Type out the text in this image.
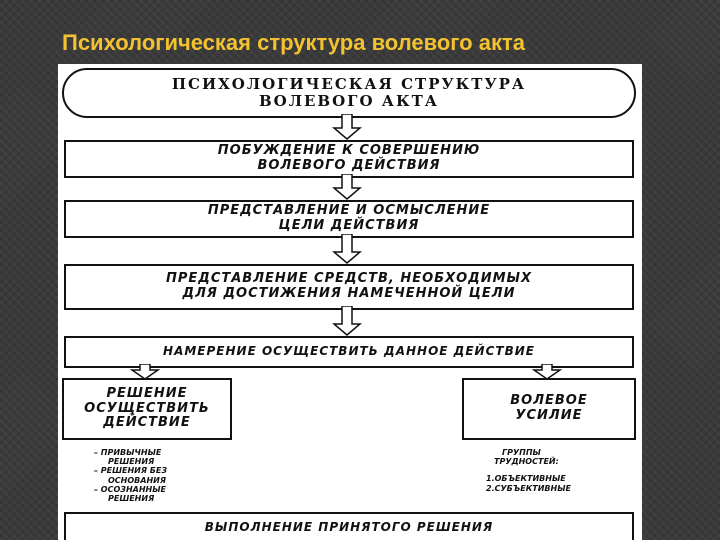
Психологическая структура волевого акта
ПСИХОЛОГИЧЕСКАЯ СТРУКТУРА
ВОЛЕВОГО АКТА
ПОБУЖДЕНИЕ К СОВЕРШЕНИЮ
ВОЛЕВОГО ДЕЙСТВИЯ
ПРЕДСТАВЛЕНИЕ И ОСМЫСЛЕНИЕ
ЦЕЛИ ДЕЙСТВИЯ
ПРЕДСТАВЛЕНИЕ СРЕДСТВ, НЕОБХОДИМЫХ
ДЛЯ ДОСТИЖЕНИЯ НАМЕЧЕННОЙ ЦЕЛИ
НАМЕРЕНИЕ ОСУЩЕСТВИТЬ ДАННОЕ ДЕЙСТВИЕ
РЕШЕНИЕ
ОСУЩЕСТВИТЬ
ДЕЙСТВИЕ
ВОЛЕВОЕ
УСИЛИЕ
– ПРИВЫЧНЫЕ
РЕШЕНИЯ
– РЕШЕНИЯ БЕЗ
ОСНОВАНИЯ
– ОСОЗНАННЫЕ
РЕШЕНИЯ
ГРУППЫ
ТРУДНОСТЕЙ:
1.ОБЪЕКТИВНЫЕ
2.СУБЪЕКТИВНЫЕ
ВЫПОЛНЕНИЕ ПРИНЯТОГО РЕШЕНИЯ
